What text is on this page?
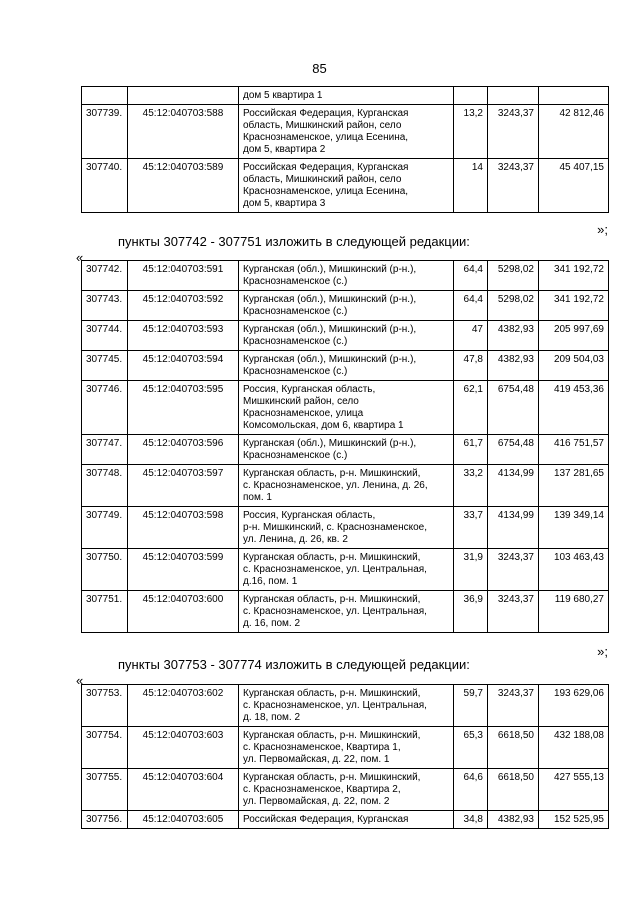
85
		дом 5 квартира 1			
307739.	45:12:040703:588	Российская Федерация, Курганская
область, Мишкинский район, село
Краснознаменское, улица Есенина,
дом 5, квартира 2	13,2	3243,37	42 812,46
307740.	45:12:040703:589	Российская Федерация, Курганская
область, Мишкинский район, село
Краснознаменское, улица Есенина,
дом 5, квартира 3	14	3243,37	45 407,15
»;
пункты 307742 - 307751 изложить в следующей редакции:
«
307742.	45:12:040703:591	Курганская (обл.), Мишкинский (р-н.),
Краснознаменское (с.)	64,4	5298,02	341 192,72
307743.	45:12:040703:592	Курганская (обл.), Мишкинский (р-н.),
Краснознаменское (с.)	64,4	5298,02	341 192,72
307744.	45:12:040703:593	Курганская (обл.), Мишкинский (р-н.),
Краснознаменское (с.)	47	4382,93	205 997,69
307745.	45:12:040703:594	Курганская (обл.), Мишкинский (р-н.),
Краснознаменское (с.)	47,8	4382,93	209 504,03
307746.	45:12:040703:595	Россия, Курганская область,
Мишкинский район, село
Краснознаменское, улица
Комсомольская, дом 6, квартира 1	62,1	6754,48	419 453,36
307747.	45:12:040703:596	Курганская (обл.), Мишкинский (р-н.),
Краснознаменское (с.)	61,7	6754,48	416 751,57
307748.	45:12:040703:597	Курганская область, р-н. Мишкинский,
с. Краснознаменское, ул. Ленина, д. 26,
пом. 1	33,2	4134,99	137 281,65
307749.	45:12:040703:598	Россия, Курганская область,
р-н. Мишкинский, с. Краснознаменское,
ул. Ленина, д. 26, кв. 2	33,7	4134,99	139 349,14
307750.	45:12:040703:599	Курганская область, р-н. Мишкинский,
с. Краснознаменское, ул. Центральная,
д.16, пом. 1	31,9	3243,37	103 463,43
307751.	45:12:040703:600	Курганская область, р-н. Мишкинский,
с. Краснознаменское, ул. Центральная,
д. 16, пом. 2	36,9	3243,37	119 680,27
»;
пункты 307753 - 307774 изложить в следующей редакции:
«
307753.	45:12:040703:602	Курганская область, р-н. Мишкинский,
с. Краснознаменское, ул. Центральная,
д. 18, пом. 2	59,7	3243,37	193 629,06
307754.	45:12:040703:603	Курганская область, р-н. Мишкинский,
с. Краснознаменское, Квартира 1,
ул. Первомайская, д. 22, пом. 1	65,3	6618,50	432 188,08
307755.	45:12:040703:604	Курганская область, р-н. Мишкинский,
с. Краснознаменское, Квартира 2,
ул. Первомайская, д. 22, пом. 2	64,6	6618,50	427 555,13
307756.	45:12:040703:605	Российская Федерация, Курганская	34,8	4382,93	152 525,95
